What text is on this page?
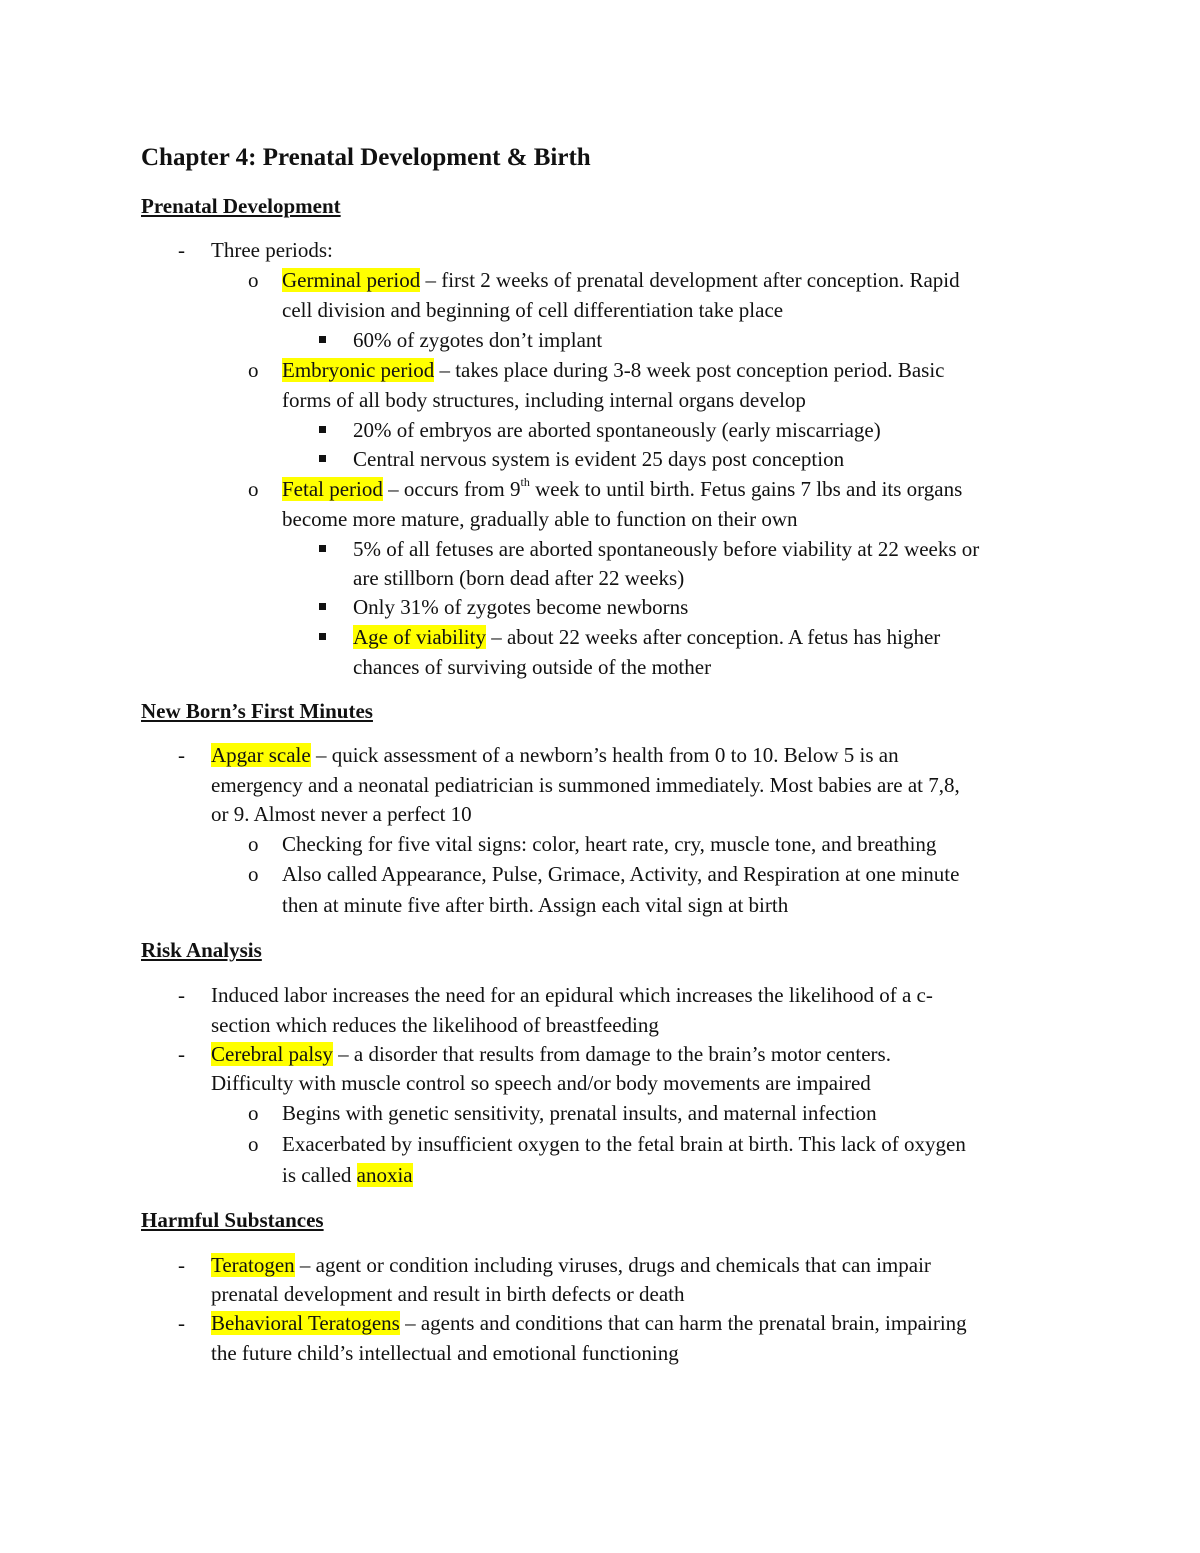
Chapter 4: Prenatal Development & Birth
Prenatal Development
- Three periods:

o Germinal period – first 2 weeks of prenatal development after conception. Rapid

cell division and beginning of cell differentiation take place

60% of zygotes don’t implant

o Embryonic period – takes place during 3-8 week post conception period. Basic

forms of all body structures, including internal organs develop

20% of embryos are aborted spontaneously (early miscarriage)

Central nervous system is evident 25 days post conception

o Fetal period – occurs from 9th week to until birth. Fetus gains 7 lbs and its organs

become more mature, gradually able to function on their own

5% of all fetuses are aborted spontaneously before viability at 22 weeks or

are stillborn (born dead after 22 weeks)

Only 31% of zygotes become newborns

Age of viability – about 22 weeks after conception. A fetus has higher

chances of surviving outside of the mother

New Born’s First Minutes
- Apgar scale – quick assessment of a newborn’s health from 0 to 10. Below 5 is an

emergency and a neonatal pediatrician is summoned immediately. Most babies are at 7,8,

or 9. Almost never a perfect 10

o Checking for five vital signs: color, heart rate, cry, muscle tone, and breathing

o Also called Appearance, Pulse, Grimace, Activity, and Respiration at one minute

then at minute five after birth. Assign each vital sign at birth

Risk Analysis
- Induced labor increases the need for an epidural which increases the likelihood of a c-

section which reduces the likelihood of breastfeeding

- Cerebral palsy – a disorder that results from damage to the brain’s motor centers.

Difficulty with muscle control so speech and/or body movements are impaired

o Begins with genetic sensitivity, prenatal insults, and maternal infection

o Exacerbated by insufficient oxygen to the fetal brain at birth. This lack of oxygen

is called anoxia

Harmful Substances
- Teratogen – agent or condition including viruses, drugs and chemicals that can impair

prenatal development and result in birth defects or death

- Behavioral Teratogens – agents and conditions that can harm the prenatal brain, impairing

the future child’s intellectual and emotional functioning
